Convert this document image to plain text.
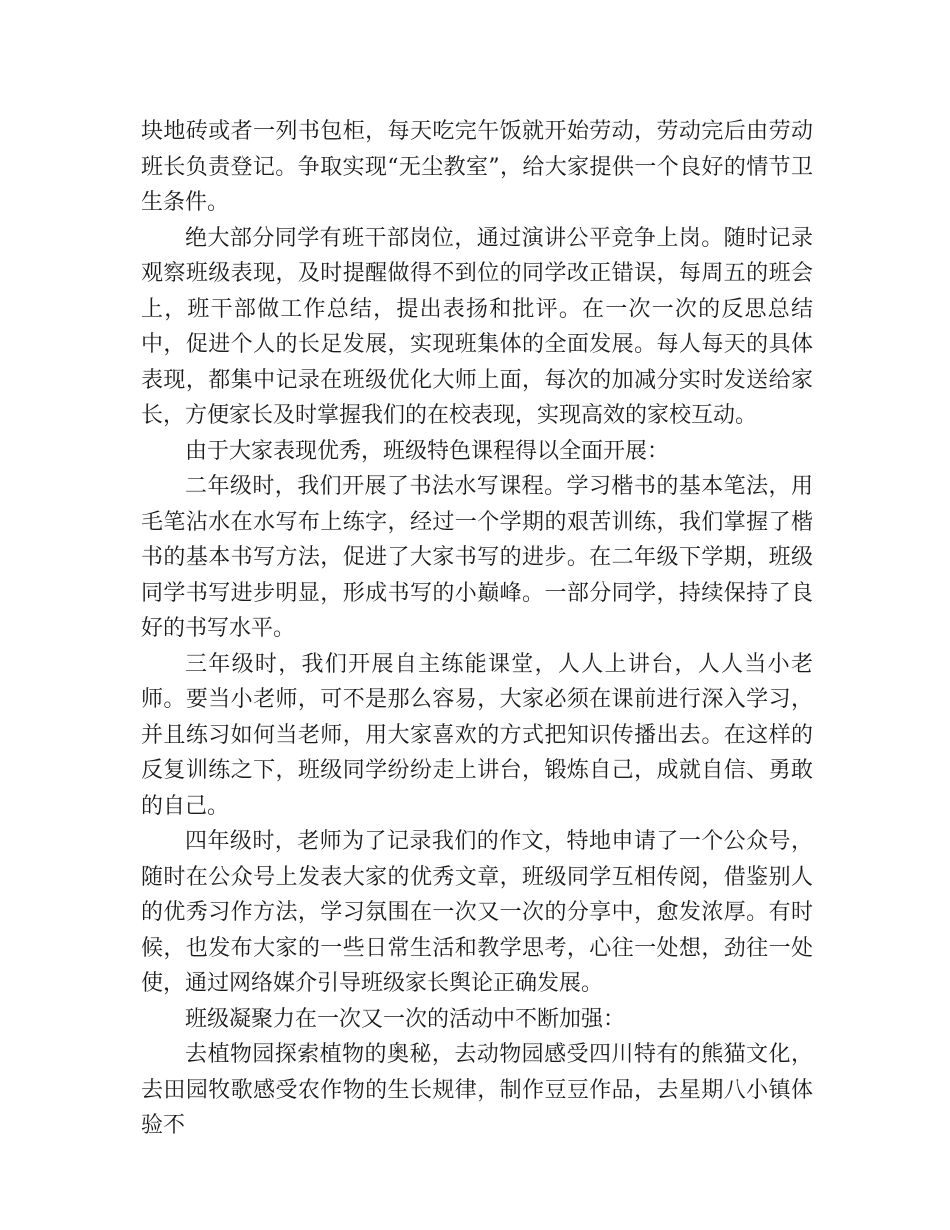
块地砖或者一列书包柜，每天吃完午饭就开始劳动，劳动完后由劳动班长负责登记。争取实现“无尘教室”，给大家提供一个良好的情节卫生条件。

绝大部分同学有班干部岗位，通过演讲公平竞争上岗。随时记录观察班级表现，及时提醒做得不到位的同学改正错误，每周五的班会上，班干部做工作总结，提出表扬和批评。在一次一次的反思总结中，促进个人的长足发展，实现班集体的全面发展。每人每天的具体表现，都集中记录在班级优化大师上面，每次的加减分实时发送给家长，方便家长及时掌握我们的在校表现，实现高效的家校互动。

由于大家表现优秀，班级特色课程得以全面开展：

二年级时，我们开展了书法水写课程。学习楷书的基本笔法，用毛笔沾水在水写布上练字，经过一个学期的艰苦训练，我们掌握了楷书的基本书写方法，促进了大家书写的进步。在二年级下学期，班级同学书写进步明显，形成书写的小巅峰。一部分同学，持续保持了良好的书写水平。

三年级时，我们开展自主练能课堂，人人上讲台，人人当小老师。要当小老师，可不是那么容易，大家必须在课前进行深入学习，并且练习如何当老师，用大家喜欢的方式把知识传播出去。在这样的反复训练之下，班级同学纷纷走上讲台，锻炼自己，成就自信、勇敢的自己。

四年级时，老师为了记录我们的作文，特地申请了一个公众号，随时在公众号上发表大家的优秀文章，班级同学互相传阅，借鉴别人的优秀习作方法，学习氛围在一次又一次的分享中，愈发浓厚。有时候，也发布大家的一些日常生活和教学思考，心往一处想，劲往一处使，通过网络媒介引导班级家长舆论正确发展。

班级凝聚力在一次又一次的活动中不断加强：

去植物园探索植物的奥秘，去动物园感受四川特有的熊猫文化，去田园牧歌感受农作物的生长规律，制作豆豆作品，去星期八小镇体验不
